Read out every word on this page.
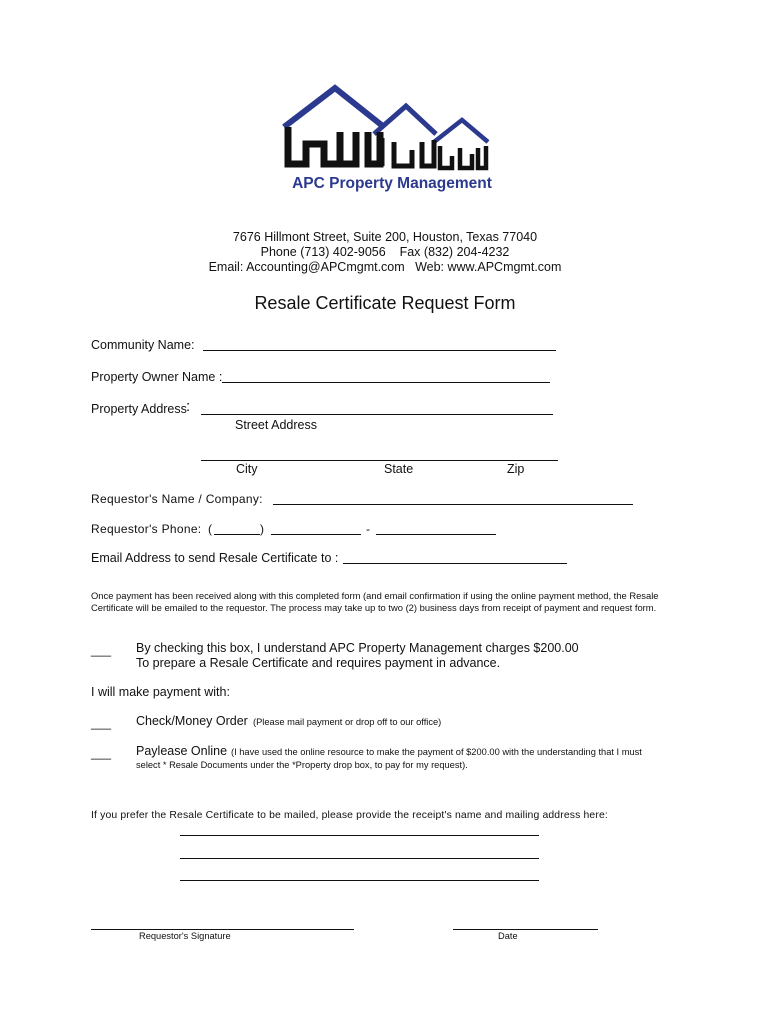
APC Property Management
7676 Hillmont Street, Suite 200, Houston, Texas 77040
Phone (713) 402-9056    Fax (832) 204-4232
Email: Accounting@APCmgmt.com   Web: www.APCmgmt.com
Resale Certificate Request Form
Community Name:
Property Owner Name :
Property Address :
Street Address
City	State	Zip
Requestor's Name / Company:
Requestor's Phone: (	)	-
Email Address to send Resale Certificate to :
Once payment has been received along with this completed form (and email confirmation if using the online payment method, the Resale Certificate will be emailed to the requestor. The process may take up to two (2) business days from receipt of payment and request form.
___ By checking this box, I understand APC Property Management charges $200.00
To prepare a Resale Certificate and requires payment in advance.
I will make payment with:
___ Check/Money Order (Please mail payment or drop off to our office)
___ Paylease Online (I have used the online resource to make the payment of $200.00 with the understanding that I must
select * Resale Documents under the *Property drop box, to pay for my request).
If you prefer the Resale Certificate to be mailed, please provide the receipt's name and mailing address here:
Requestor's Signature	Date
